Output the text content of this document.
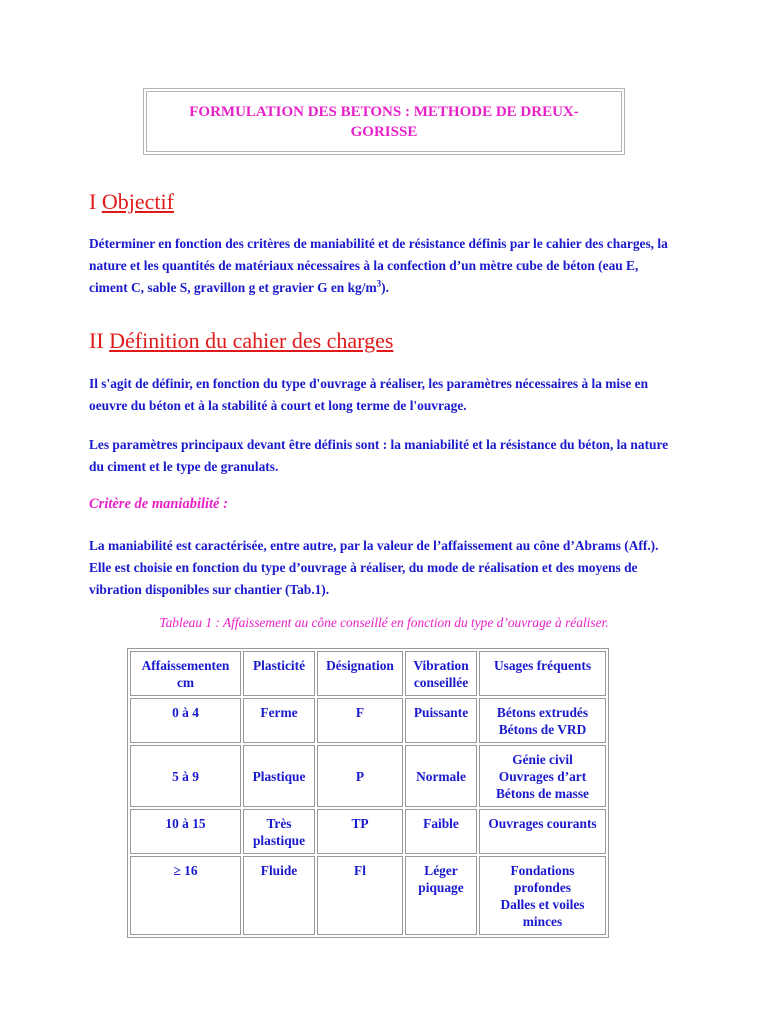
FORMULATION DES BETONS : METHODE DE DREUX-GORISSE
I Objectif

Déterminer en fonction des critères de maniabilité et de résistance définis par le cahier des charges, la nature et les quantités de matériaux nécessaires à la confection d’un mètre cube de béton (eau E, ciment C, sable S, gravillon g et gravier G en $kg/m^3$).

II Définition du cahier des charges

Il s'agit de définir, en fonction du type d'ouvrage à réaliser, les paramètres nécessaires à la mise en oeuvre du béton et à la stabilité à court et long terme de l'ouvrage.

Les paramètres principaux devant être définis sont : la maniabilité et la résistance du béton, la nature du ciment et le type de granulats.

Critère de maniabilité :

La maniabilité est caractérisée, entre autre, par la valeur de l’affaissement au cône d’Abrams (Aff.). Elle est choisie en fonction du type d’ouvrage à réaliser, du mode de réalisation et des moyens de vibration disponibles sur chantier (Tab.1).

Tableau 1 : Affaissement au cône conseillé en fonction du type d’ouvrage à réaliser.

Affaissementen
cm	Plasticité	Désignation	Vibration
conseillée	Usages fréquents
0 à 4	Ferme	F	Puissante	Bétons extrudés
Bétons de VRD
5 à 9	Plastique	P	Normale	Génie civil
Ouvrages d’art
Bétons de masse
10 à 15	Très
plastique	TP	Faible	Ouvrages courants
≥ 16	Fluide	Fl	Léger
piquage	Fondations profondes
Dalles et voiles minces
